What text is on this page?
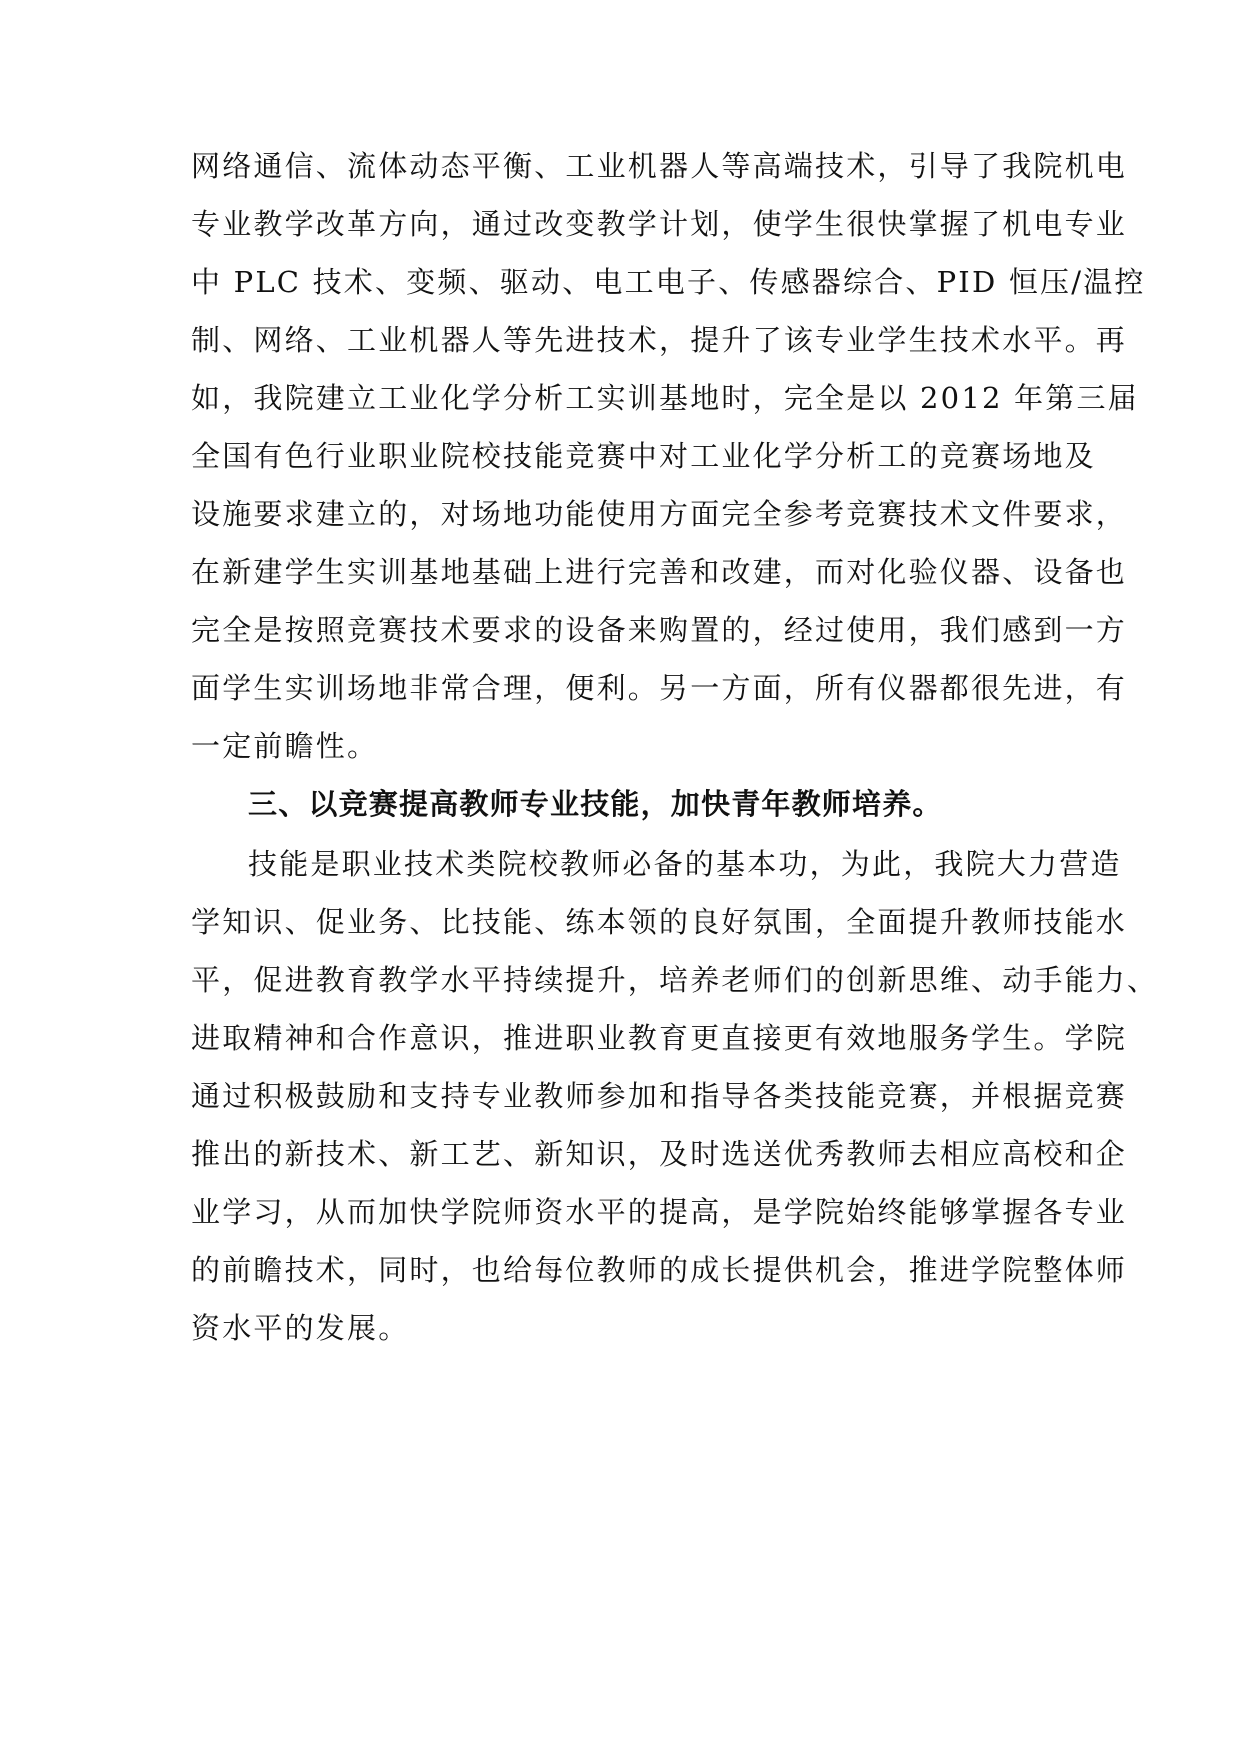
网络通信、流体动态平衡、工业机器人等高端技术，引导了我院机电
专业教学改革方向，通过改变教学计划，使学生很快掌握了机电专业
中 PLC 技术、变频、驱动、电工电子、传感器综合、PID 恒压/温控
制、网络、工业机器人等先进技术，提升了该专业学生技术水平。再
如，我院建立工业化学分析工实训基地时，完全是以 2012 年第三届
全国有色行业职业院校技能竞赛中对工业化学分析工的竞赛场地及
设施要求建立的，对场地功能使用方面完全参考竞赛技术文件要求，
在新建学生实训基地基础上进行完善和改建，而对化验仪器、设备也
完全是按照竞赛技术要求的设备来购置的，经过使用，我们感到一方
面学生实训场地非常合理，便利。另一方面，所有仪器都很先进，有
一定前瞻性。
三、以竞赛提高教师专业技能，加快青年教师培养。
技能是职业技术类院校教师必备的基本功，为此，我院大力营造
学知识、促业务、比技能、练本领的良好氛围，全面提升教师技能水
平，促进教育教学水平持续提升，培养老师们的创新思维、动手能力、
进取精神和合作意识，推进职业教育更直接更有效地服务学生。学院
通过积极鼓励和支持专业教师参加和指导各类技能竞赛，并根据竞赛
推出的新技术、新工艺、新知识，及时选送优秀教师去相应高校和企
业学习，从而加快学院师资水平的提高，是学院始终能够掌握各专业
的前瞻技术，同时，也给每位教师的成长提供机会，推进学院整体师
资水平的发展。
